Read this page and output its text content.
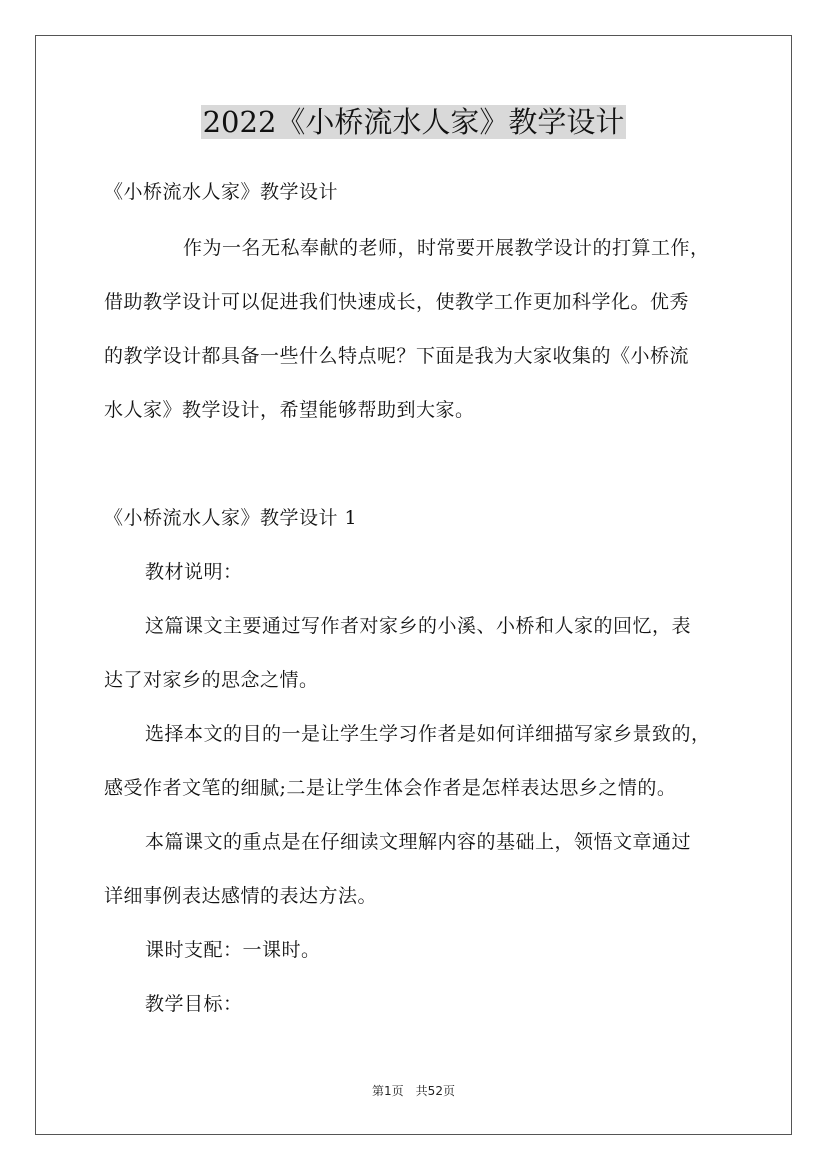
2022《小桥流水人家》教学设计
《小桥流水人家》教学设计
作为一名无私奉献的老师，时常要开展教学设计的打算工作，
借助教学设计可以促进我们快速成长，使教学工作更加科学化。优秀
的教学设计都具备一些什么特点呢？下面是我为大家收集的《小桥流
水人家》教学设计，希望能够帮助到大家。
《小桥流水人家》教学设计 1
教材说明：
这篇课文主要通过写作者对家乡的小溪、小桥和人家的回忆，表
达了对家乡的思念之情。
选择本文的目的一是让学生学习作者是如何详细描写家乡景致的，
感受作者文笔的细腻;二是让学生体会作者是怎样表达思乡之情的。
本篇课文的重点是在仔细读文理解内容的基础上，领悟文章通过
详细事例表达感情的表达方法。
课时支配：一课时。
教学目标：
第1页　共52页
